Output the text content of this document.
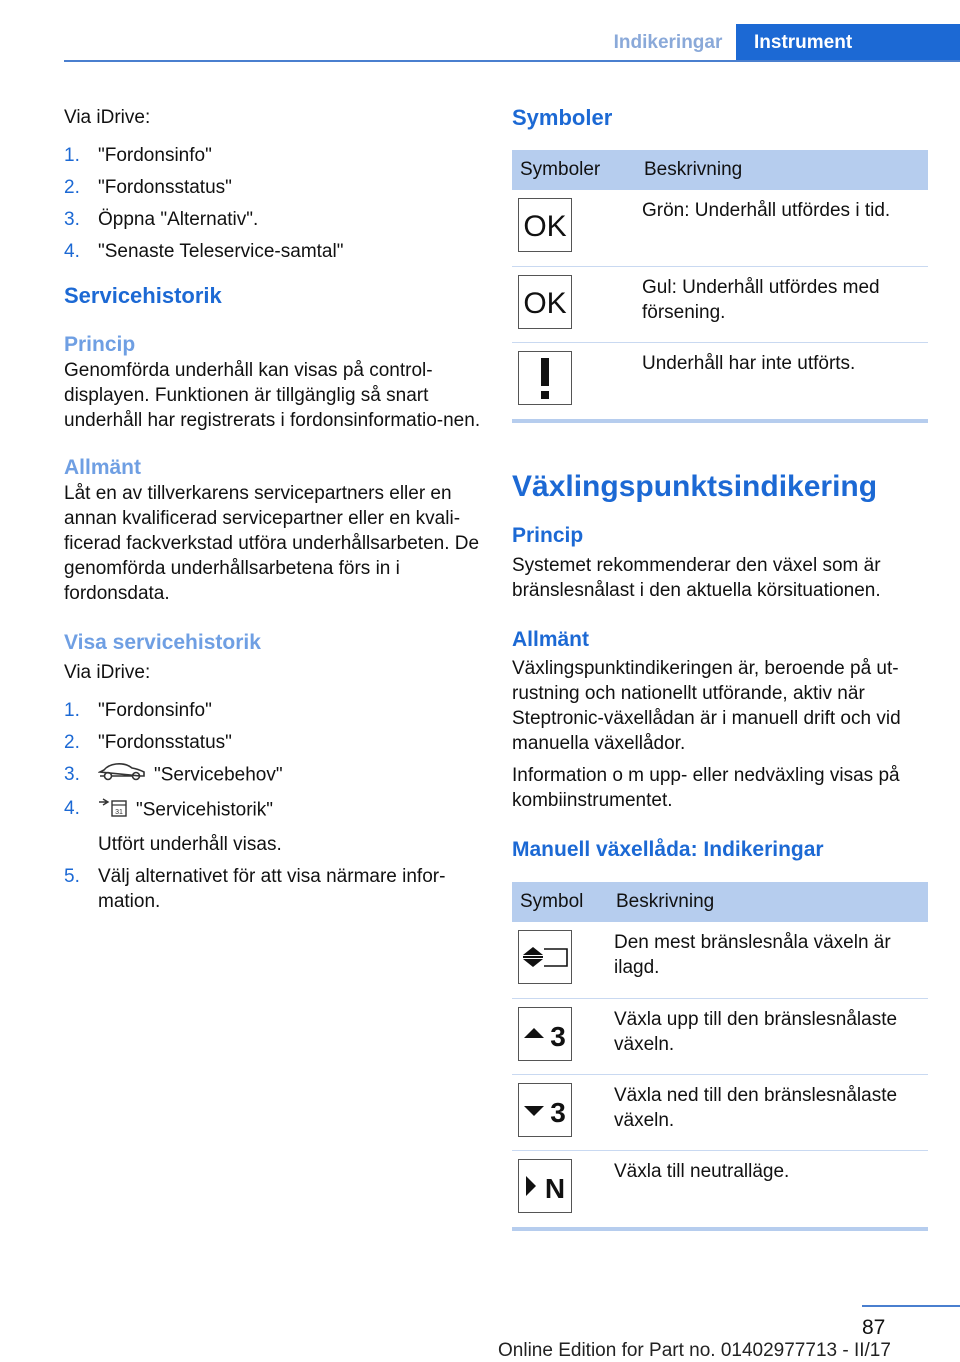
Indikeringar	Instrument

Via iDrive:

1. "Fordonsinfo"
2. "Fordonsstatus"
3. Öppna "Alternativ".
4. "Senaste Teleservice-samtal"
Servicehistorik
Princip

Genomförda underhåll kan visas på control-displayen. Funktionen är tillgänglig så snart underhåll har registrerats i fordonsinformatio-nen.

Allmänt

Låt en av tillverkarens servicepartners eller en annan kvalificerad servicepartner eller en kvali-ficerad fackverkstad utföra underhållsarbeten. De genomförda underhållsarbetena förs in i fordonsdata.

Visa servicehistorik

Via iDrive:

1. "Fordonsinfo"
2. "Fordonsstatus"
3.	"Servicebehov"
4.	31 "Servicehistorik"
Utfört underhåll visas.
5. Välj alternativet för att visa närmare infor-mation.
Symboler
Symboler	Beskrivning

OK	Grön: Underhåll utfördes i tid.

OK	Gul: Underhåll utfördes med försening.

	Underhåll har inte utförts.
Växlingspunktsindikering
Princip

Systemet rekommenderar den växel som är bränslesnålast i den aktuella körsituationen.

Allmänt

Växlingspunktindikeringen är, beroende på ut-rustning och nationellt utförande, aktiv när Steptronic-växellådan är i manuell drift och vid manuella växellådor.

Information o m upp- eller nedväxling visas på kombiinstrumentet.

Manuell växellåda: Indikeringar
Symbol	Beskrivning

	Den mest bränslesnåla växeln är ilagd.

3	Växla upp till den bränslesnålaste växeln.

3	Växla ned till den bränslesnålaste växeln.

N	Växla till neutralläge.
87
Online Edition for Part no. 01402977713 - II/17
